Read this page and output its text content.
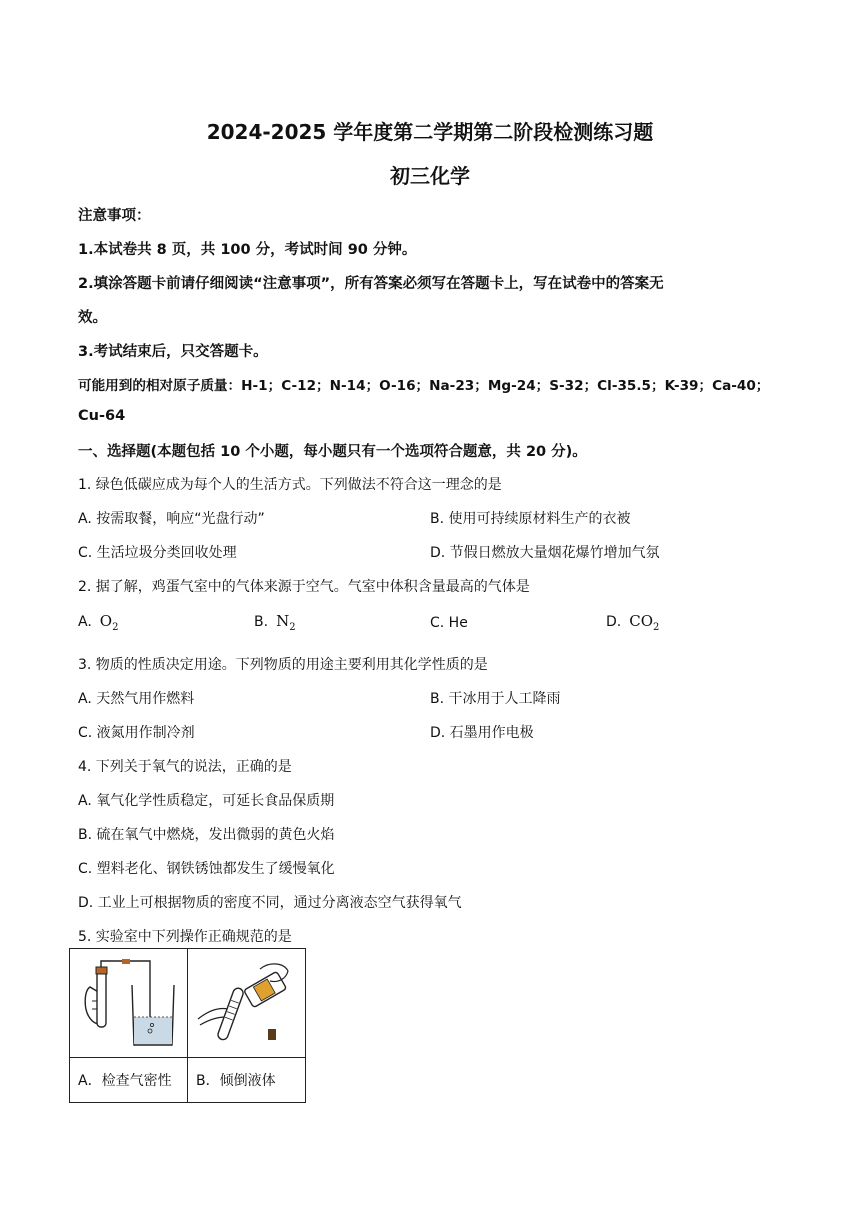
2024-2025 学年度第二学期第二阶段检测练习题
初三化学
注意事项：
1.本试卷共 8 页，共 100 分，考试时间 90 分钟。
2.填涂答题卡前请仔细阅读“注意事项”，所有答案必须写在答题卡上，写在试卷中的答案无
效。
3.考试结束后，只交答题卡。
可能用到的相对原子质量：H-1；C-12；N-14；O-16；Na-23；Mg-24；S-32；Cl-35.5；K-39；Ca-40；
Cu-64
一、选择题(本题包括 10 个小题，每小题只有一个选项符合题意，共 20 分)。
1. 绿色低碳应成为每个人的生活方式。下列做法不符合这一理念的是
A. 按需取餐，响应“光盘行动”	B. 使用可持续原材料生产的衣被
C. 生活垃圾分类回收处理	D. 节假日燃放大量烟花爆竹增加气氛
2. 据了解，鸡蛋气室中的气体来源于空气。气室中体积含量最高的气体是
A. $O_2$	B. $N_2$	C. He	D. $CO_2$
3. 物质的性质决定用途。下列物质的用途主要利用其化学性质的是
A. 天然气用作燃料	B. 干冰用于人工降雨
C. 液氮用作制冷剂	D. 石墨用作电极
4. 下列关于氧气的说法，正确的是
A. 氧气化学性质稳定，可延长食品保质期
B. 硫在氧气中燃烧，发出微弱的黄色火焰
C. 塑料老化、钢铁锈蚀都发生了缓慢氧化
D. 工业上可根据物质的密度不同，通过分离液态空气获得氧气
5. 实验室中下列操作正确规范的是

A．检查气密性	B．倾倒液体
